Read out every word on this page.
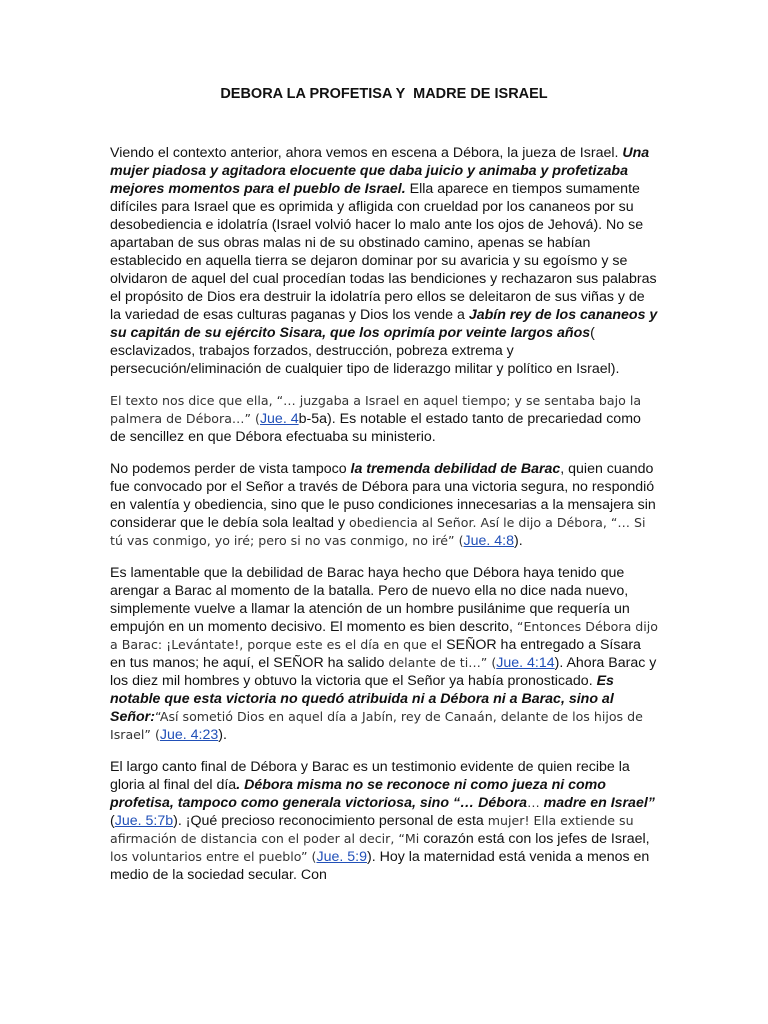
DEBORA LA PROFETISA Y  MADRE DE ISRAEL

Viendo el contexto anterior, ahora vemos en escena a Débora, la jueza de Israel. Una mujer piadosa y agitadora elocuente que daba juicio y animaba y profetizaba mejores momentos para el pueblo de Israel. Ella aparece en tiempos sumamente difíciles para Israel que es oprimida y afligida con crueldad por los cananeos por su desobediencia e idolatría (Israel volvió hacer lo malo ante los ojos de Jehová). No se apartaban de sus obras malas ni de su obstinado camino, apenas se habían establecido en aquella tierra se dejaron dominar por su avaricia y su egoísmo y se olvidaron de aquel del cual procedían todas las bendiciones y rechazaron sus palabras el propósito de Dios era destruir la idolatría pero ellos se deleitaron de sus viñas y de la variedad de esas culturas paganas y Dios los vende a Jabín rey de los cananeos y su capitán de su ejército Sisara, que los oprimía por veinte largos años( esclavizados, trabajos forzados, destrucción, pobreza extrema y persecución/eliminación de cualquier tipo de liderazgo militar y político en Israel).

El texto nos dice que ella, “… juzgaba a Israel en aquel tiempo; y se sentaba bajo la palmera de Débora…” (Jue. 4b-5a). Es notable el estado tanto de precariedad como de sencillez en que Débora efectuaba su ministerio.

No podemos perder de vista tampoco la tremenda debilidad de Barac, quien cuando fue convocado por el Señor a través de Débora para una victoria segura, no respondió en valentía y obediencia, sino que le puso condiciones innecesarias a la mensajera sin considerar que le debía sola lealtad y obediencia al Señor. Así le dijo a Débora, “… Si tú vas conmigo, yo iré; pero si no vas conmigo, no iré” (Jue. 4:8).

Es lamentable que la debilidad de Barac haya hecho que Débora haya tenido que arengar a Barac al momento de la batalla. Pero de nuevo ella no dice nada nuevo, simplemente vuelve a llamar la atención de un hombre pusilánime que requería un empujón en un momento decisivo. El momento es bien descrito, “Entonces Débora dijo a Barac: ¡Levántate!, porque este es el día en que el SEÑOR ha entregado a Sísara en tus manos; he aquí, el SEÑOR ha salido delante de ti…” (Jue. 4:14). Ahora Barac y los diez mil hombres y obtuvo la victoria que el Señor ya había pronosticado. Es notable que esta victoria no quedó atribuida ni a Débora ni a Barac, sino al Señor:“Así sometió Dios en aquel día a Jabín, rey de Canaán, delante de los hijos de Israel” (Jue. 4:23).

El largo canto final de Débora y Barac es un testimonio evidente de quien recibe la gloria al final del día. Débora misma no se reconoce ni como jueza ni como profetisa, tampoco como generala victoriosa, sino “… Débora… madre en Israel” (Jue. 5:7b). ¡Qué precioso reconocimiento personal de esta mujer! Ella extiende su afirmación de distancia con el poder al decir, “Mi corazón está con los jefes de Israel, los voluntarios entre el pueblo” (Jue. 5:9). Hoy la maternidad está venida a menos en medio de la sociedad secular. Con
